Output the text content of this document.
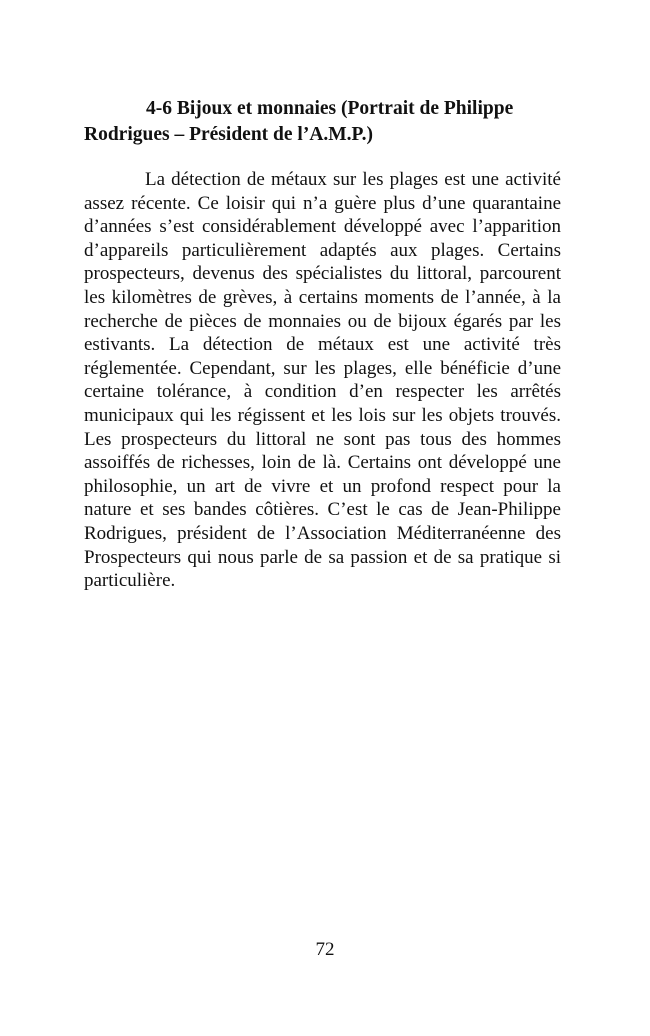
4-6 Bijoux et monnaies (Portrait de Philippe Rodrigues – Président de l’A.M.P.)

La détection de métaux sur les plages est une activité assez récente. Ce loisir qui n’a guère plus d’une quarantaine d’années s’est considérablement développé avec l’apparition d’appareils particulièrement adaptés aux plages. Certains prospecteurs, devenus des spécialistes du littoral, parcourent les kilomètres de grèves, à certains moments de l’année, à la recherche de pièces de monnaies ou de bijoux égarés par les estivants. La détection de métaux est une activité très réglementée. Cependant, sur les plages, elle bénéficie d’une certaine tolérance, à condition d’en respecter les arrêtés municipaux qui les régissent et les lois sur les objets trouvés. Les prospecteurs du littoral ne sont pas tous des hommes assoiffés de richesses, loin de là. Certains ont développé une philosophie, un art de vivre et un profond respect pour la nature et ses bandes côtières. C’est le cas de Jean-Philippe Rodrigues, président de l’Association Méditerranéenne des Prospecteurs qui nous parle de sa passion et de sa pratique si particulière.

72
